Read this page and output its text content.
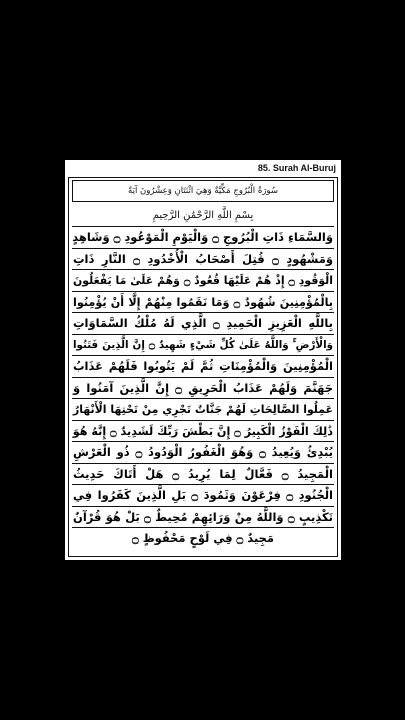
85. Surah Al-Buruj
سُورَةُ الْبُرُوجِ مَكِّيَّةٌ وَهِيَ اثْنَتَانِ وَعِشْرُونَ آيَةً
بِسْمِ اللَّهِ الرَّحْمَٰنِ الرَّحِيمِ
وَالسَّمَاءِ ذَاتِ الْبُرُوجِ ۝ وَالْيَوْمِ الْمَوْعُودِ ۝ وَشَاهِدٍ
وَمَشْهُودٍ ۝ قُتِلَ أَصْحَابُ الْأُخْدُودِ ۝ النَّارِ ذَاتِ
الْوَقُودِ ۝ إِذْ هُمْ عَلَيْهَا قُعُودٌ ۝ وَهُمْ عَلَىٰ مَا يَفْعَلُونَ
بِالْمُؤْمِنِينَ شُهُودٌ ۝ وَمَا نَقَمُوا مِنْهُمْ إِلَّا أَنْ يُؤْمِنُوا
بِاللَّهِ الْعَزِيزِ الْحَمِيدِ ۝ الَّذِي لَهُ مُلْكُ السَّمَاوَاتِ
وَالْأَرْضِ ۚ وَاللَّهُ عَلَىٰ كُلِّ شَيْءٍ شَهِيدٌ ۝ إِنَّ الَّذِينَ فَتَنُوا
الْمُؤْمِنِينَ وَالْمُؤْمِنَاتِ ثُمَّ لَمْ يَتُوبُوا فَلَهُمْ عَذَابُ
جَهَنَّمَ وَلَهُمْ عَذَابُ الْحَرِيقِ ۝ إِنَّ الَّذِينَ آمَنُوا وَ
عَمِلُوا الصَّالِحَاتِ لَهُمْ جَنَّاتٌ تَجْرِي مِنْ تَحْتِهَا الْأَنْهَارُ
ذَٰلِكَ الْفَوْزُ الْكَبِيرُ ۝ إِنَّ بَطْشَ رَبِّكَ لَشَدِيدٌ ۝ إِنَّهُ هُوَ
يُبْدِئُ وَيُعِيدُ ۝ وَهُوَ الْغَفُورُ الْوَدُودُ ۝ ذُو الْعَرْشِ
الْمَجِيدُ ۝ فَعَّالٌ لِمَا يُرِيدُ ۝ هَلْ أَتَاكَ حَدِيثُ
الْجُنُودِ ۝ فِرْعَوْنَ وَثَمُودَ ۝ بَلِ الَّذِينَ كَفَرُوا فِي
تَكْذِيبٍ ۝ وَاللَّهُ مِنْ وَرَائِهِمْ مُحِيطٌ ۝ بَلْ هُوَ قُرْآنٌ
مَجِيدٌ ۝ فِي لَوْحٍ مَحْفُوظٍ ۝
